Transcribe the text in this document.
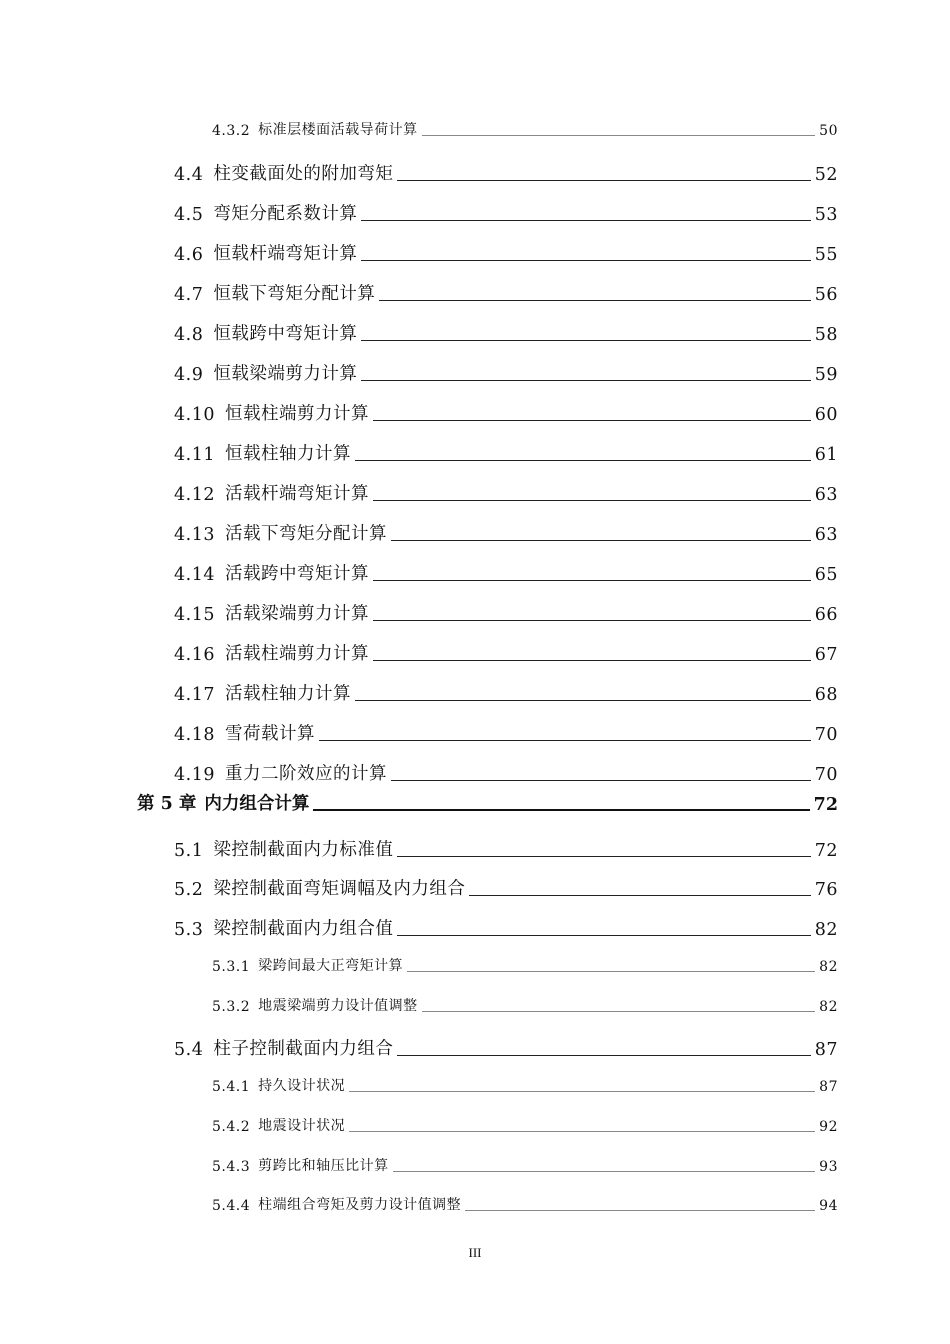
4.3.2 标准层楼面活载导荷计算	50
4.4 柱变截面处的附加弯矩	52
4.5 弯矩分配系数计算	53
4.6 恒载杆端弯矩计算	55
4.7 恒载下弯矩分配计算	56
4.8 恒载跨中弯矩计算	58
4.9 恒载梁端剪力计算	59
4.10 恒载柱端剪力计算	60
4.11 恒载柱轴力计算	61
4.12 活载杆端弯矩计算	63
4.13 活载下弯矩分配计算	63
4.14 活载跨中弯矩计算	65
4.15 活载梁端剪力计算	66
4.16 活载柱端剪力计算	67
4.17 活载柱轴力计算	68
4.18 雪荷载计算	70
4.19 重力二阶效应的计算	70
第 5 章 内力组合计算	72
5.1 梁控制截面内力标准值	72
5.2 梁控制截面弯矩调幅及内力组合	76
5.3 梁控制截面内力组合值	82
5.3.1 梁跨间最大正弯矩计算	82
5.3.2 地震梁端剪力设计值调整	82
5.4 柱子控制截面内力组合	87
5.4.1 持久设计状况	87
5.4.2 地震设计状况	92
5.4.3 剪跨比和轴压比计算	93
5.4.4 柱端组合弯矩及剪力设计值调整	94
III
